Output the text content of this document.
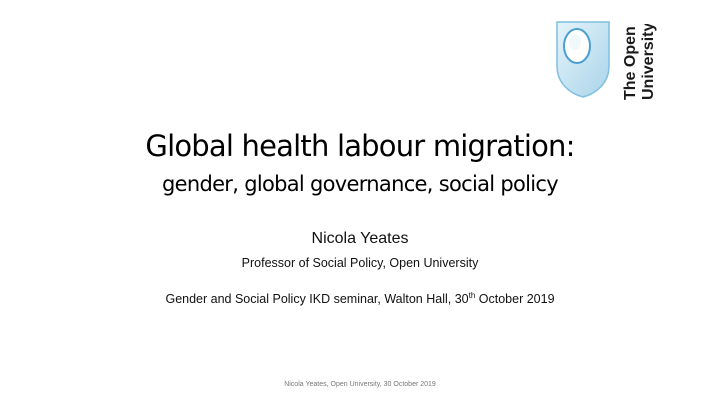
The Open University
Global health labour migration:
gender, global governance, social policy
Nicola Yeates
Professor of Social Policy, Open University
Gender and Social Policy IKD seminar, Walton Hall, 30th October 2019
Nicola Yeates, Open University, 30 October 2019
